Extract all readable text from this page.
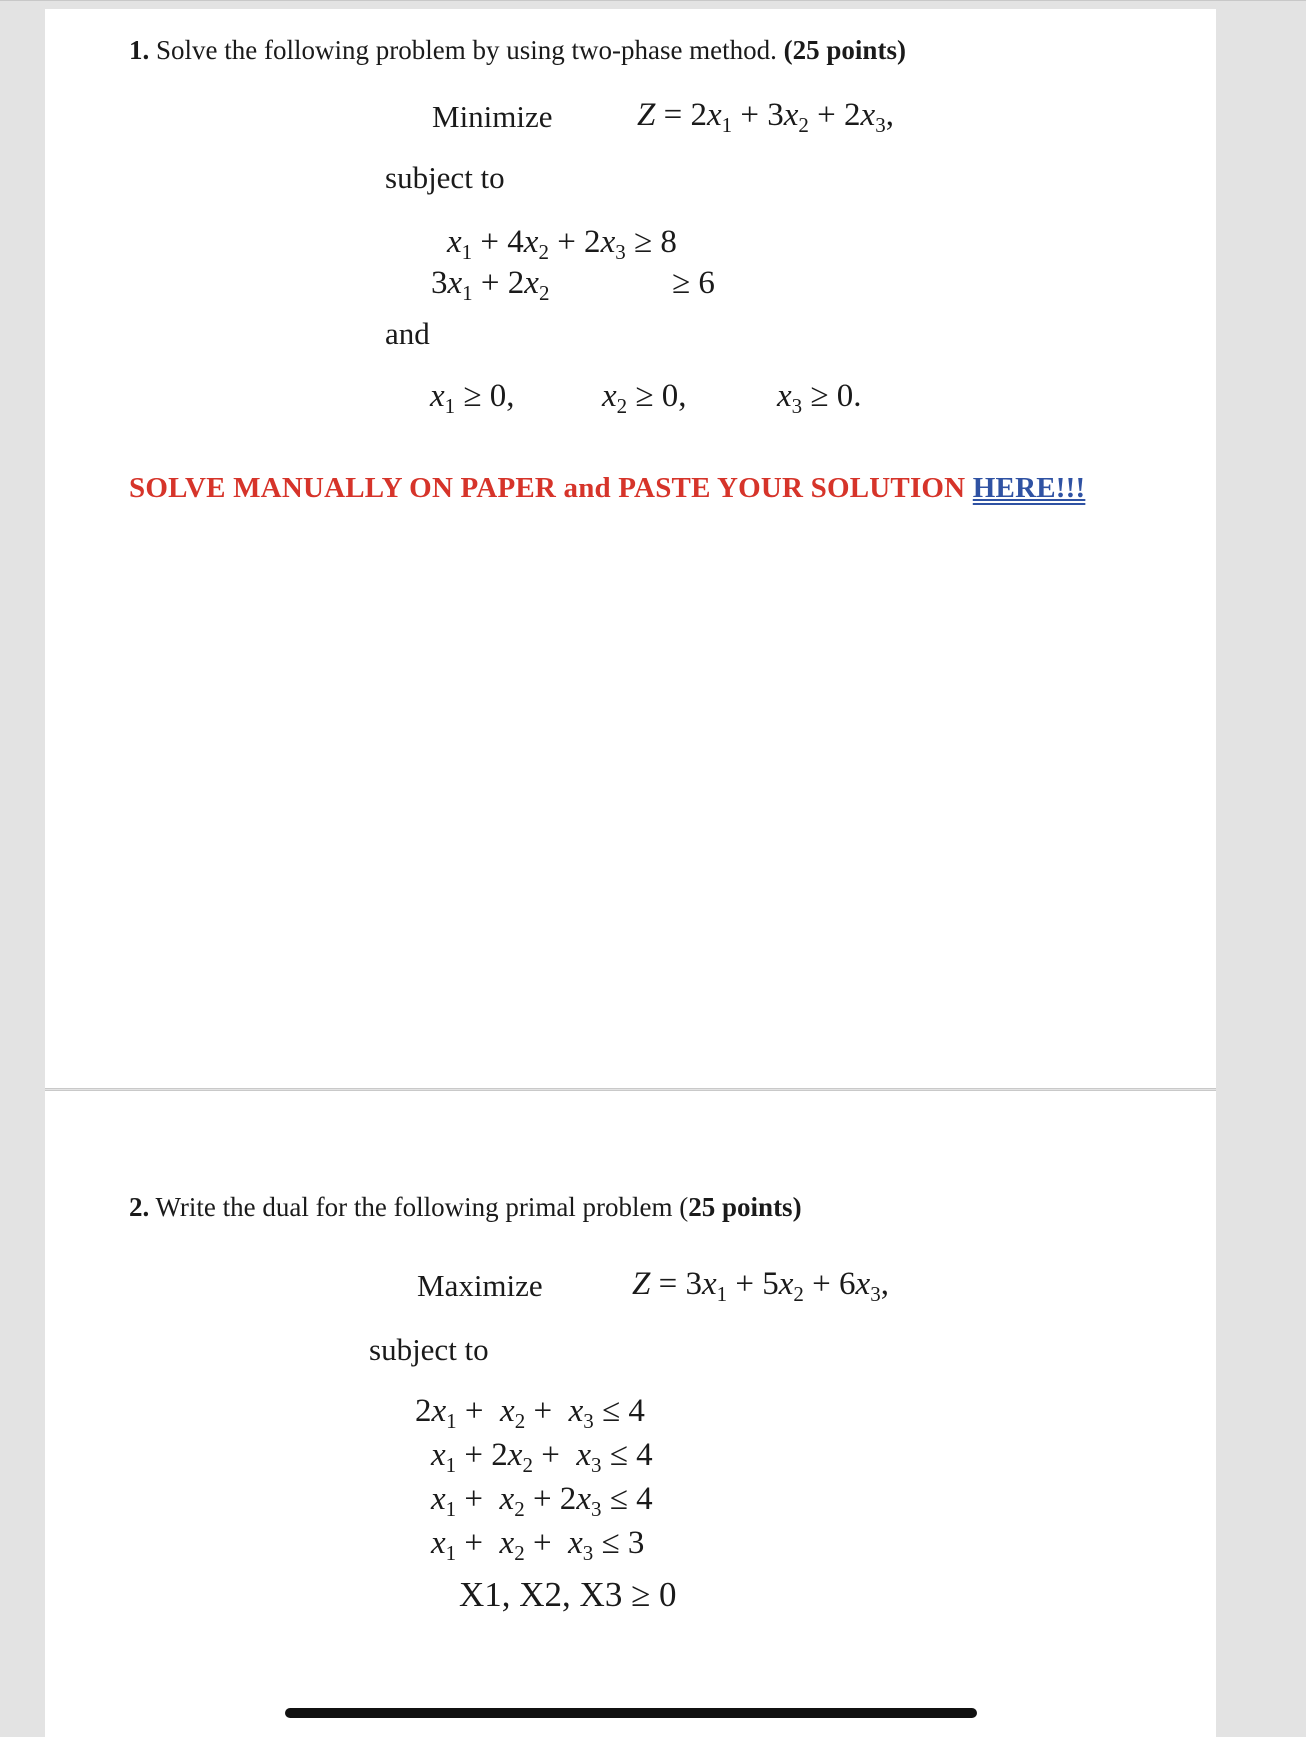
1. Solve the following problem by using two-phase method. (25 points)
Minimize	$Z = 2x_1 + 3x_2 + 2x_3$,
subject to
$x_1 + 4x_2 + 2x_3 \ge 8$
$3x_1 + 2x_2$	≥ 6
and
$x_1 \ge 0$,	$x_2 \ge 0$,	$x_3 \ge 0$.
SOLVE MANUALLY ON PAPER and PASTE YOUR SOLUTION HERE!!!
2. Write the dual for the following primal problem (25 points)
Maximize	$Z = 3x_1 + 5x_2 + 6x_3$,
subject to
$2x_1 + x_2 + x_3 \le 4$
$x_1 + 2x_2 + x_3 \le 4$
$x_1 + x_2 + 2x_3 \le 4$
$x_1 + x_2 + x_3 \le 3$
X1, X2, X3 ≥ 0
